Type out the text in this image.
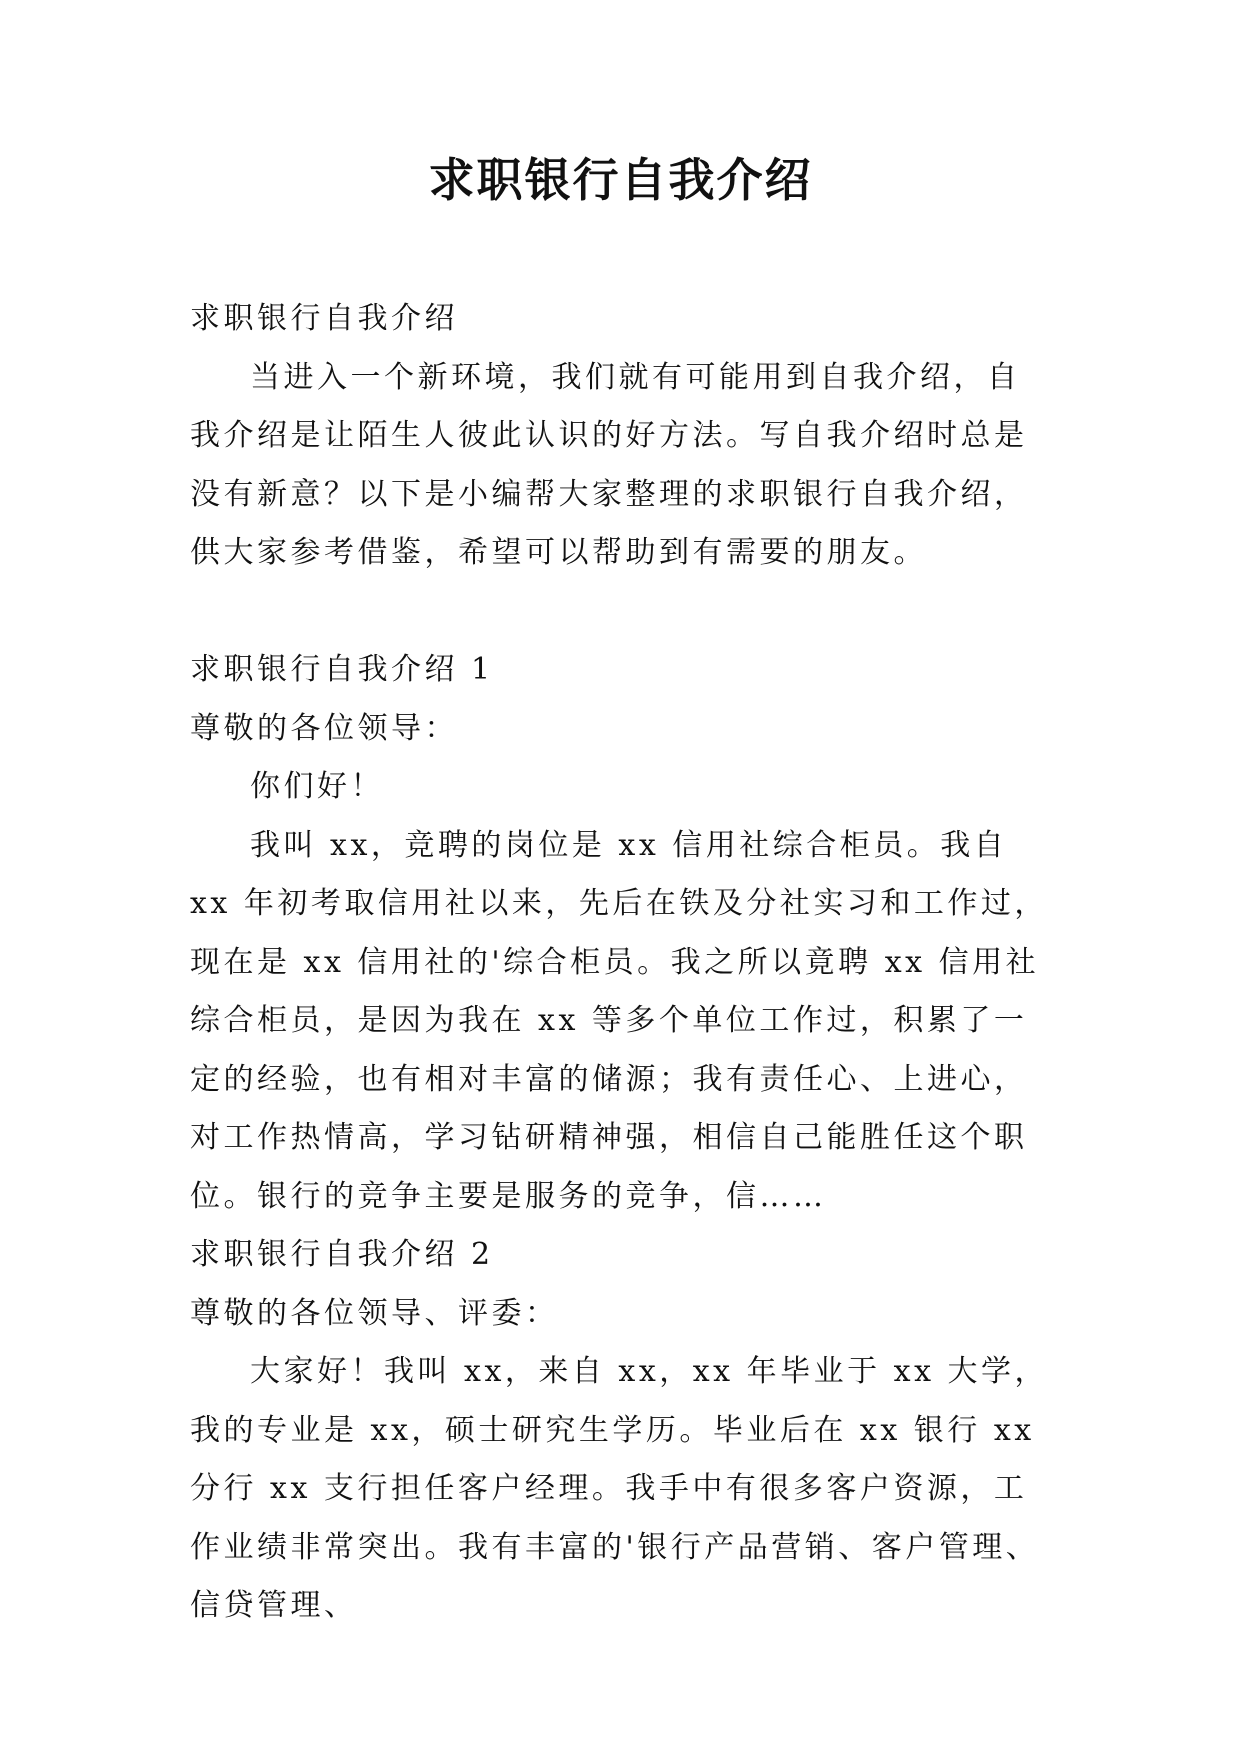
求职银行自我介绍

求职银行自我介绍

当进入一个新环境，我们就有可能用到自我介绍，自我介绍是让陌生人彼此认识的好方法。写自我介绍时总是没有新意？以下是小编帮大家整理的求职银行自我介绍，供大家参考借鉴，希望可以帮助到有需要的朋友。

求职银行自我介绍 1

尊敬的各位领导：

你们好！

我叫 xx，竞聘的岗位是 xx 信用社综合柜员。我自 xx 年初考取信用社以来，先后在铁及分社实习和工作过，现在是 xx 信用社的'综合柜员。我之所以竟聘 xx 信用社综合柜员，是因为我在 xx 等多个单位工作过，积累了一定的经验，也有相对丰富的储源；我有责任心、上进心，对工作热情高，学习钻研精神强，相信自己能胜任这个职位。银行的竞争主要是服务的竞争，信……

求职银行自我介绍 2

尊敬的各位领导、评委：

大家好！我叫 xx，来自 xx，xx 年毕业于 xx 大学，我的专业是 xx，硕士研究生学历。毕业后在 xx 银行 xx 分行 xx 支行担任客户经理。我手中有很多客户资源，工作业绩非常突出。我有丰富的'银行产品营销、客户管理、信贷管理、
